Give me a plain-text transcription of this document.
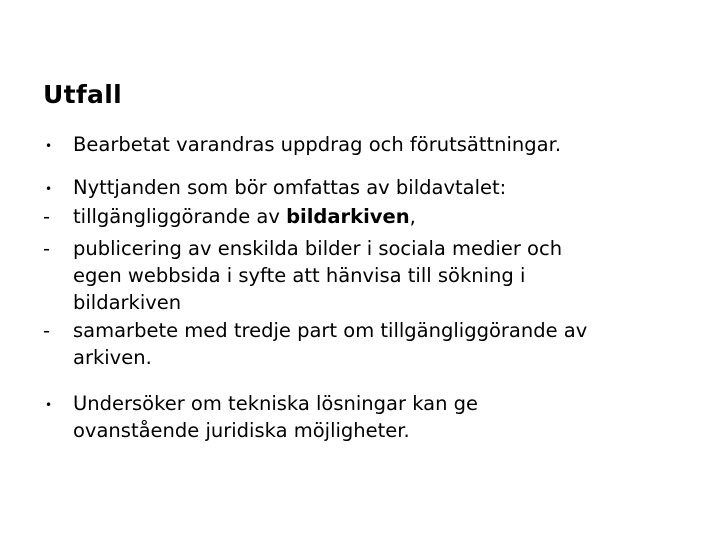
Utfall
•	Bearbetat varandras uppdrag och förutsättningar.
•	Nyttjanden som bör omfattas av bildavtalet:
-	tillgängliggörande av bildarkiven,
-	publicering av enskilda bilder i sociala medier och
egen webbsida i syfte att hänvisa till sökning i
bildarkiven
-	samarbete med tredje part om tillgängliggörande av
arkiven.
•	Undersöker om tekniska lösningar kan ge
ovanstående juridiska möjligheter.
